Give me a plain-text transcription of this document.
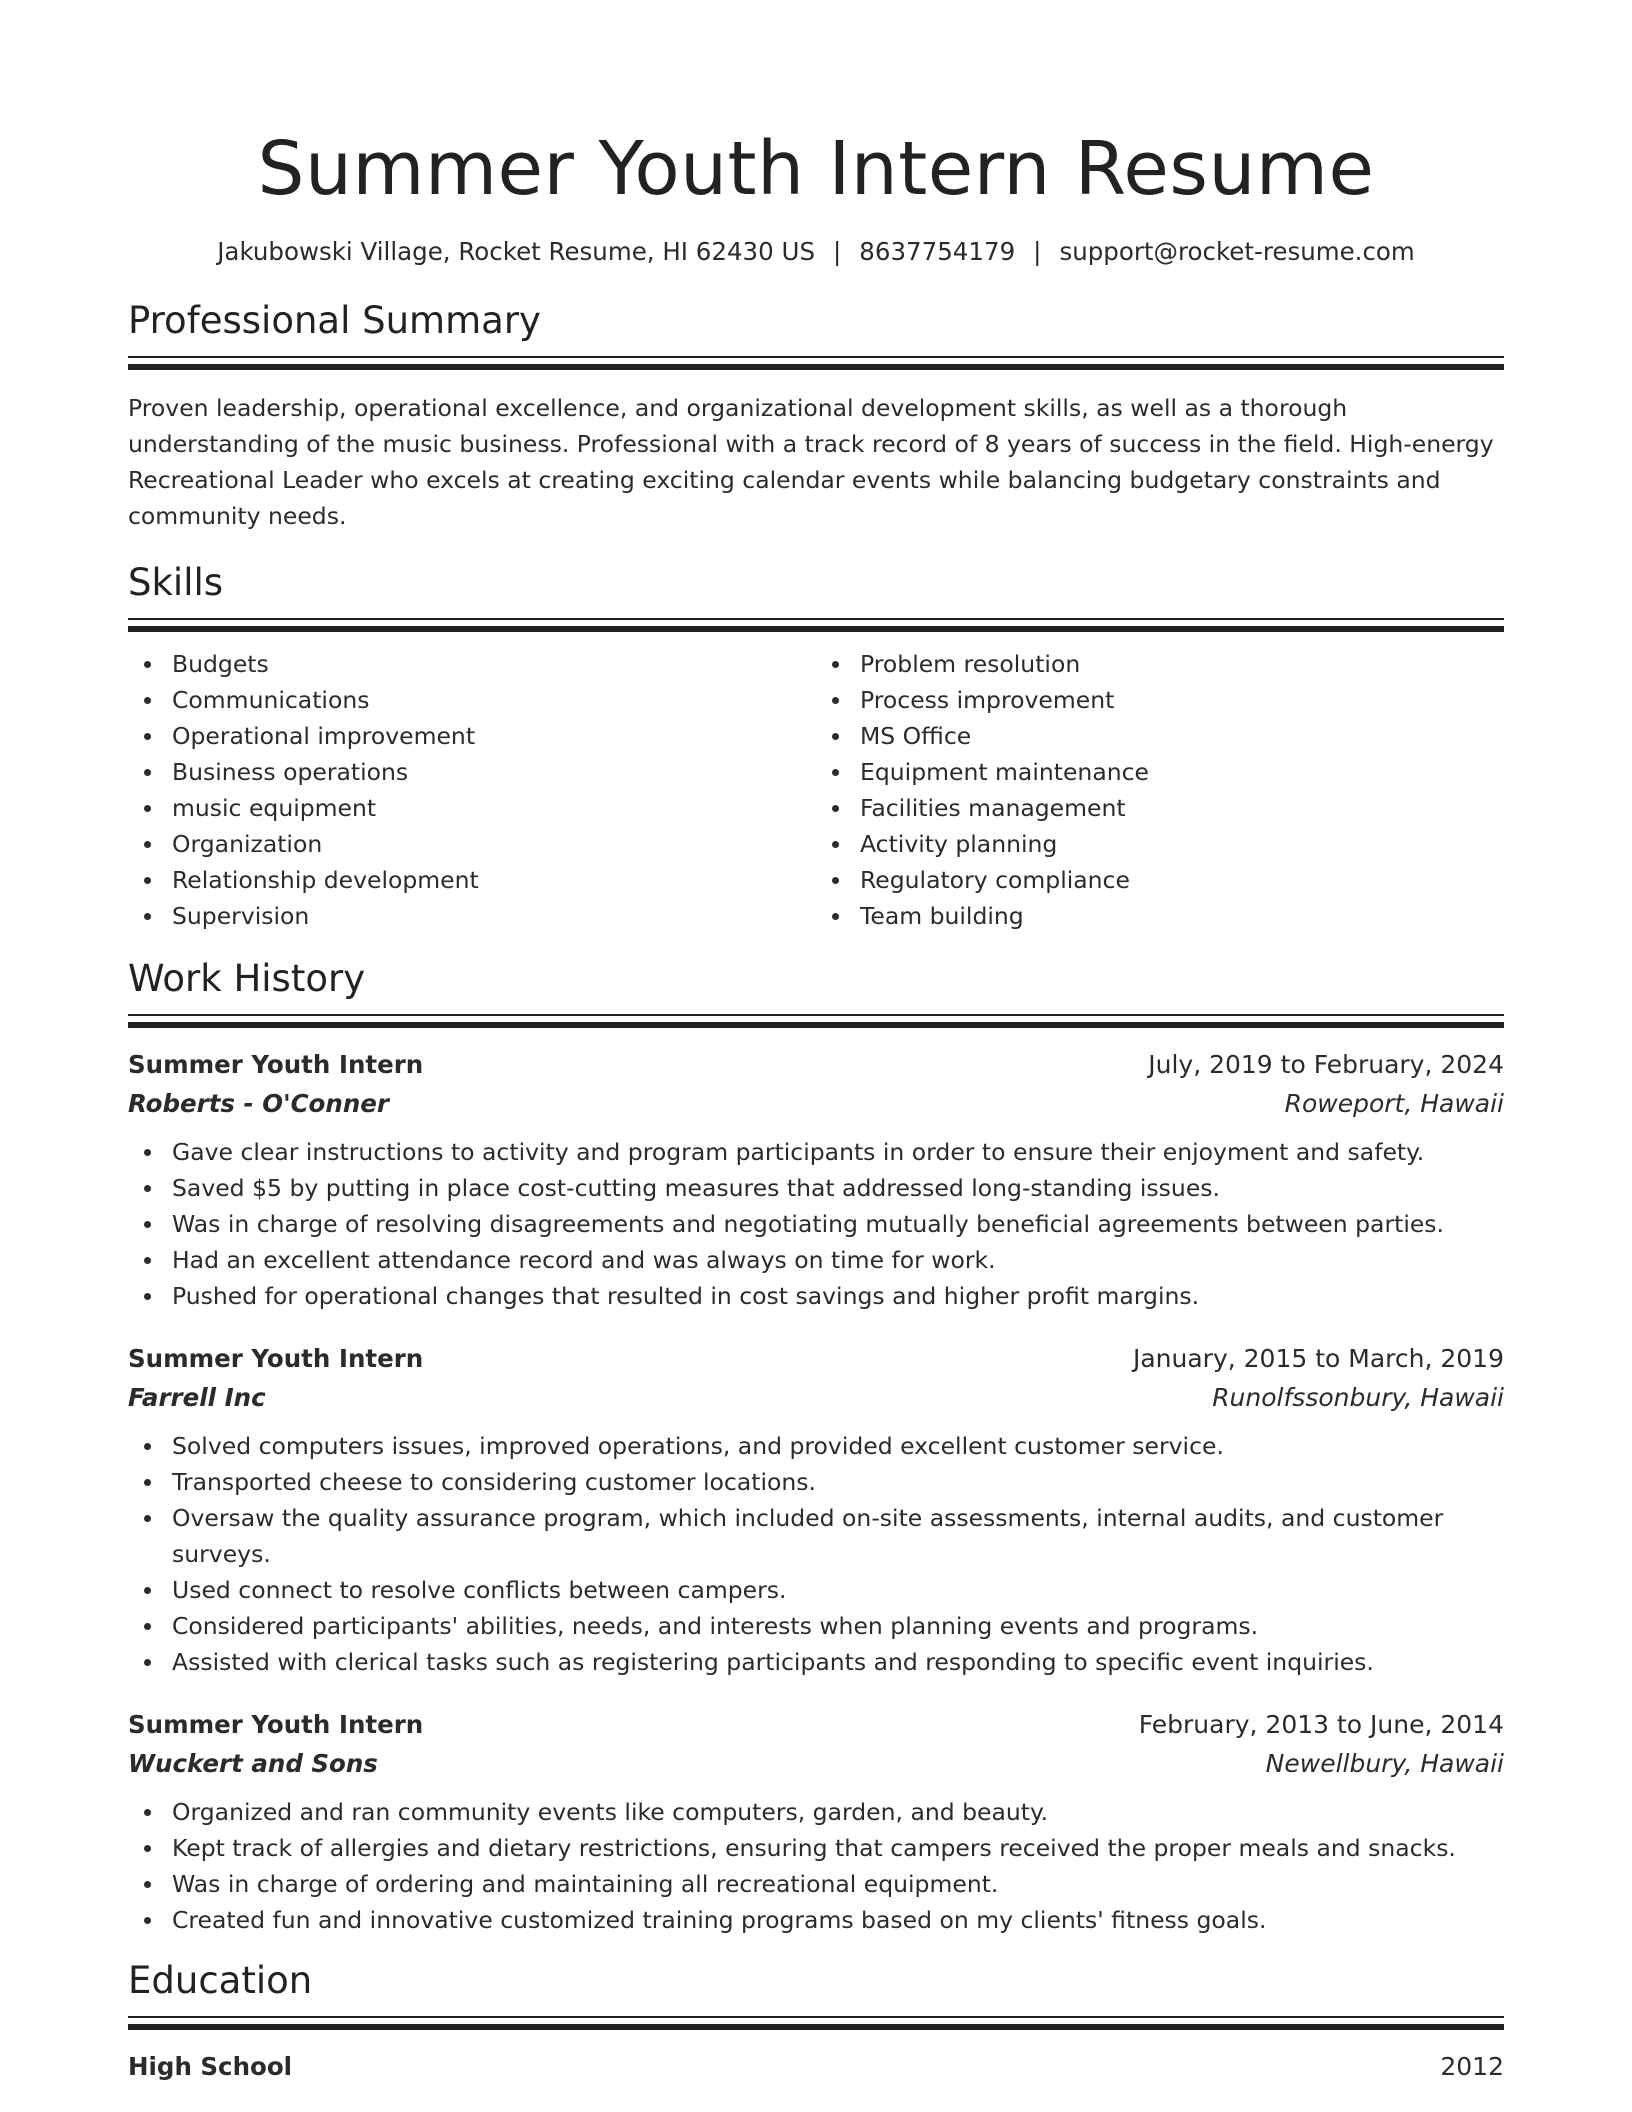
Summer Youth Intern Resume
Jakubowski Village, Rocket Resume, HI 62430 US | 8637754179 | support@rocket-resume.com
Professional Summary

Proven leadership, operational excellence, and organizational development skills, as well as a thorough understanding of the music business. Professional with a track record of 8 years of success in the field. High-energy Recreational Leader who excels at creating exciting calendar events while balancing budgetary constraints and community needs.

Skills
Budgets
Communications
Operational improvement
Business operations
music equipment
Organization
Relationship development
Supervision
Problem resolution
Process improvement
MS Office
Equipment maintenance
Facilities management
Activity planning
Regulatory compliance
Team building
Work History
Summer Youth Intern	July, 2019 to February, 2024
Roberts - O'Conner	Roweport, Hawaii
Gave clear instructions to activity and program participants in order to ensure their enjoyment and safety.
Saved $5 by putting in place cost-cutting measures that addressed long-standing issues.
Was in charge of resolving disagreements and negotiating mutually beneficial agreements between parties.
Had an excellent attendance record and was always on time for work.
Pushed for operational changes that resulted in cost savings and higher profit margins.
Summer Youth Intern	January, 2015 to March, 2019
Farrell Inc	Runolfssonbury, Hawaii
Solved computers issues, improved operations, and provided excellent customer service.
Transported cheese to considering customer locations.
Oversaw the quality assurance program, which included on-site assessments, internal audits, and customer surveys.
Used connect to resolve conflicts between campers.
Considered participants' abilities, needs, and interests when planning events and programs.
Assisted with clerical tasks such as registering participants and responding to specific event inquiries.
Summer Youth Intern	February, 2013 to June, 2014
Wuckert and Sons	Newellbury, Hawaii
Organized and ran community events like computers, garden, and beauty.
Kept track of allergies and dietary restrictions, ensuring that campers received the proper meals and snacks.
Was in charge of ordering and maintaining all recreational equipment.
Created fun and innovative customized training programs based on my clients' fitness goals.
Education
High School	2012
